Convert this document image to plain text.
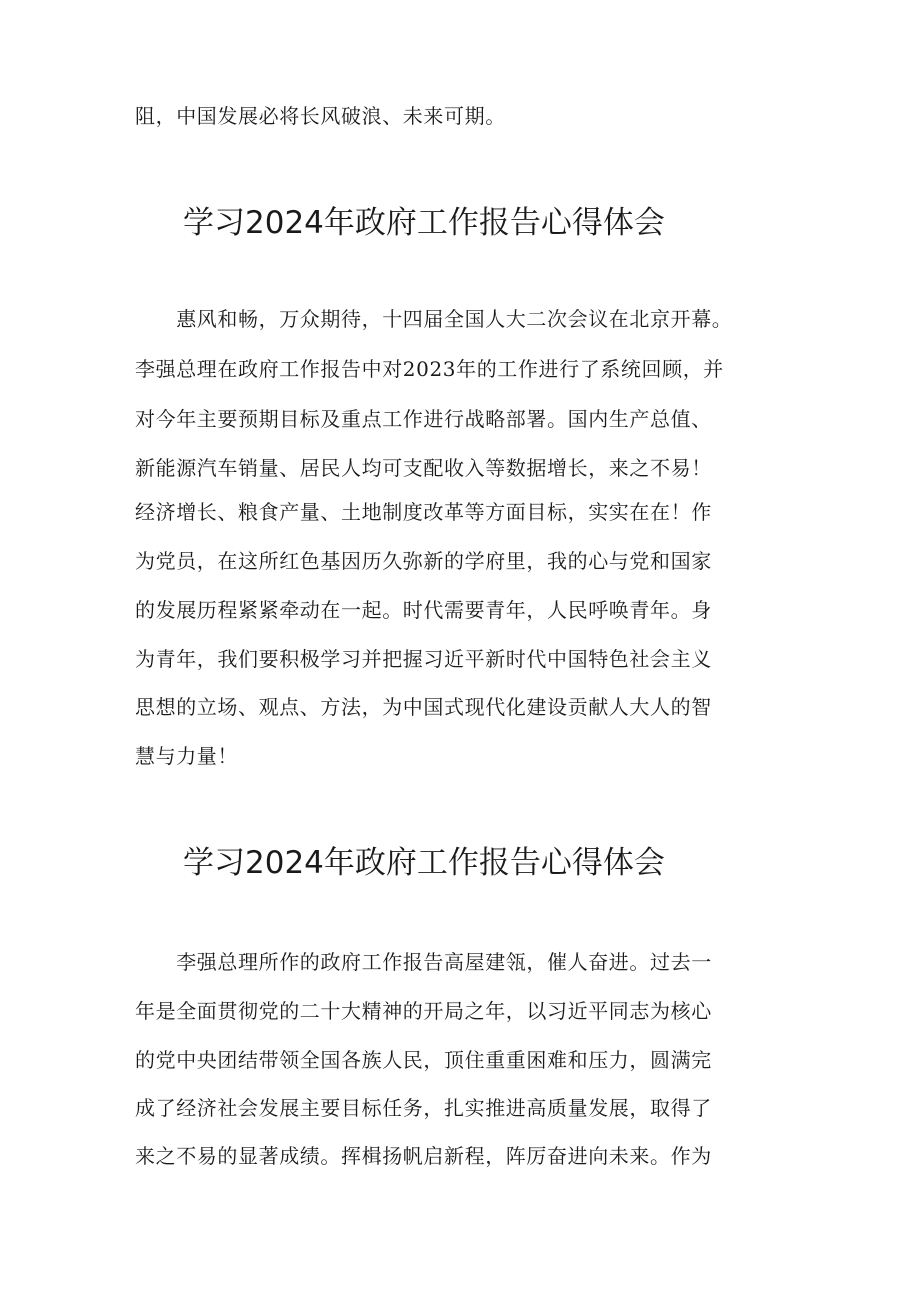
阻，中国发展必将长风破浪、未来可期。
学习2024年政府工作报告心得体会
　　惠风和畅，万众期待，十四届全国人大二次会议在北京开幕。
李强总理在政府工作报告中对2023年的工作进行了系统回顾，并
对今年主要预期目标及重点工作进行战略部署。国内生产总值、
新能源汽车销量、居民人均可支配收入等数据增长，来之不易！
经济增长、粮食产量、土地制度改革等方面目标，实实在在！作
为党员，在这所红色基因历久弥新的学府里，我的心与党和国家
的发展历程紧紧牵动在一起。时代需要青年，人民呼唤青年。身
为青年，我们要积极学习并把握习近平新时代中国特色社会主义
思想的立场、观点、方法，为中国式现代化建设贡献人大人的智
慧与力量！
学习2024年政府工作报告心得体会
　　李强总理所作的政府工作报告高屋建瓴，催人奋进。过去一
年是全面贯彻党的二十大精神的开局之年，以习近平同志为核心
的党中央团结带领全国各族人民，顶住重重困难和压力，圆满完
成了经济社会发展主要目标任务，扎实推进高质量发展，取得了
来之不易的显著成绩。挥楫扬帆启新程，阵厉奋进向未来。作为
